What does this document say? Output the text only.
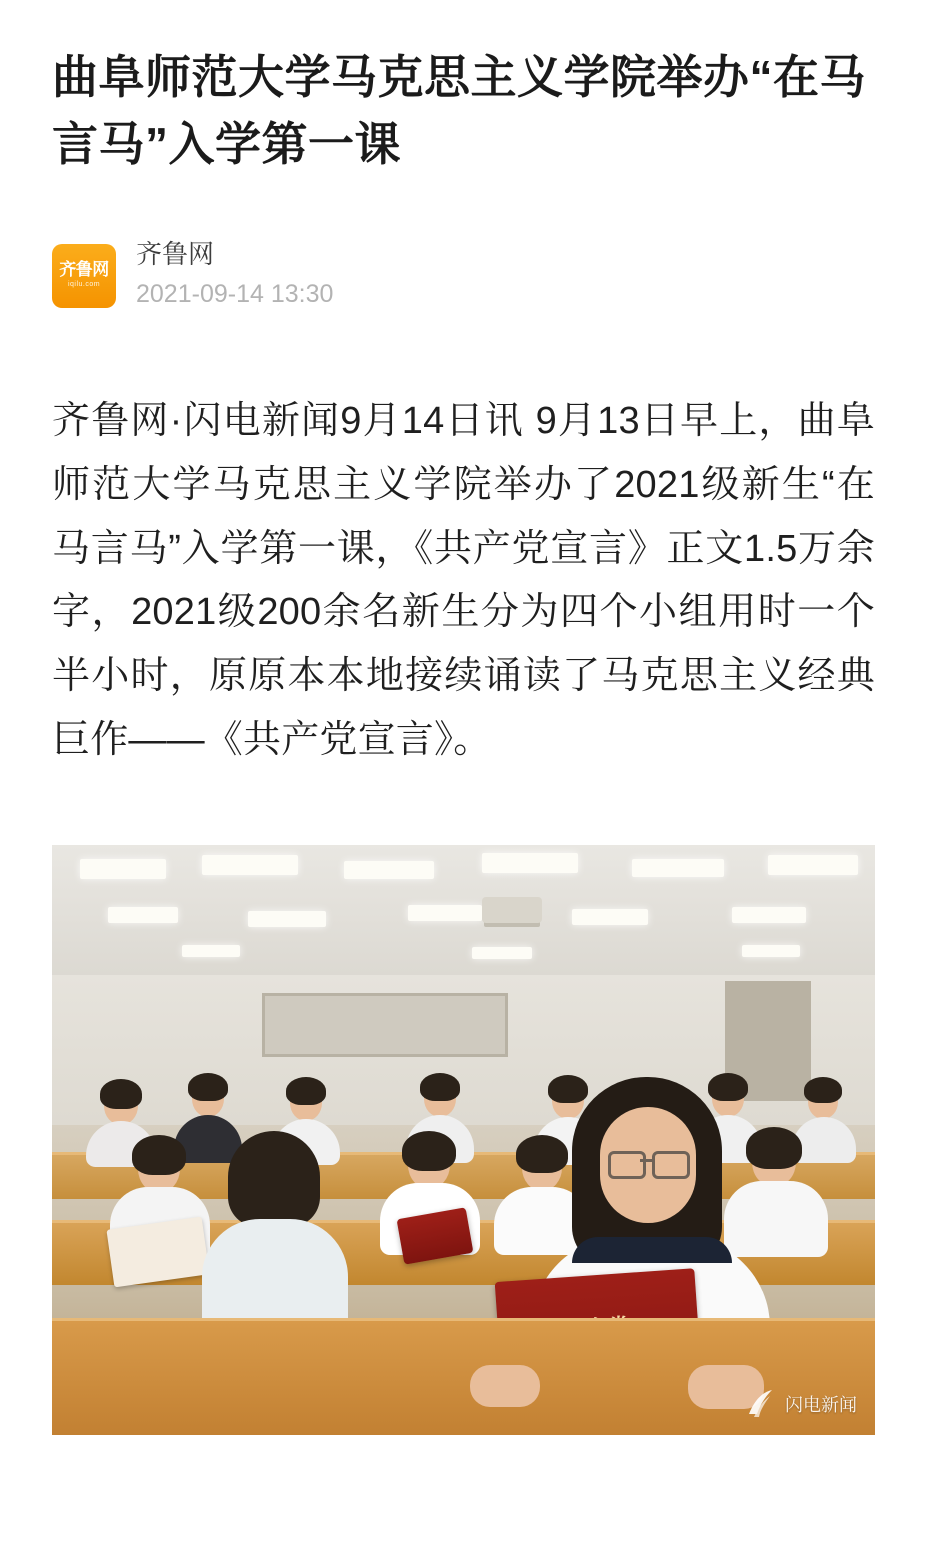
曲阜师范大学马克思主义学院举办“在马言马”入学第一课
齐鲁网
iqilu.com
齐鲁网
2021-09-14 13:30

齐鲁网·闪电新闻9月14日讯 9月13日早上，曲阜师范大学马克思主义学院举办了2021级新生“在马言马”入学第一课，《共产党宣言》正文1.5万余字，2021级200余名新生分为四个小组用时一个半小时，原原本本地接续诵读了马克思主义经典巨作——《共产党宣言》。

闪电新闻
